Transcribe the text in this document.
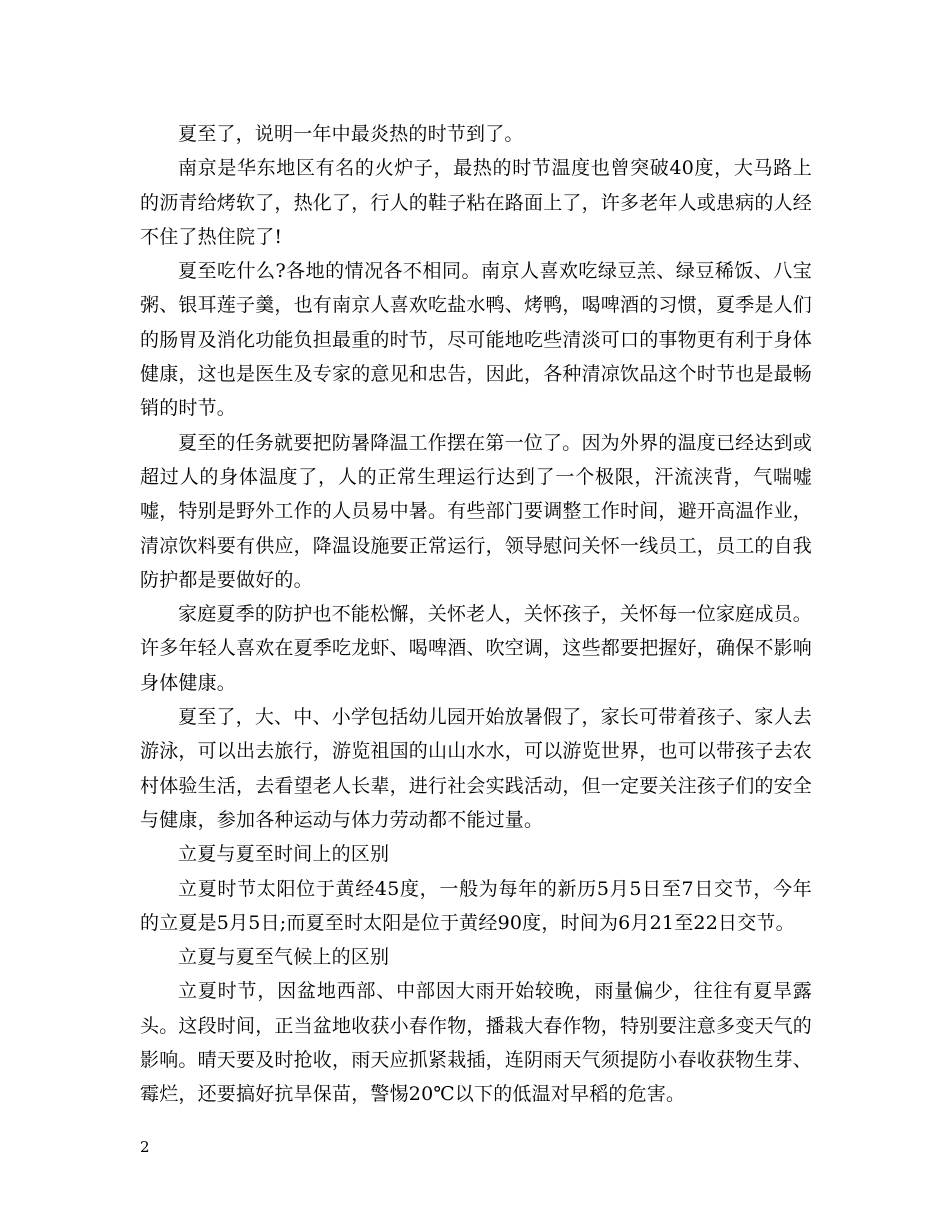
夏至了，说明一年中最炎热的时节到了。

南京是华东地区有名的火炉子，最热的时节温度也曾突破40度，大马路上的沥青给烤软了，热化了，行人的鞋子粘在路面上了，许多老年人或患病的人经不住了热住院了!

夏至吃什么?各地的情况各不相同。南京人喜欢吃绿豆羔、绿豆稀饭、八宝粥、银耳莲子羹，也有南京人喜欢吃盐水鸭、烤鸭，喝啤酒的习惯，夏季是人们的肠胃及消化功能负担最重的时节，尽可能地吃些清淡可口的事物更有利于身体健康，这也是医生及专家的意见和忠告，因此，各种清凉饮品这个时节也是最畅销的时节。

夏至的任务就要把防暑降温工作摆在第一位了。因为外界的温度已经达到或超过人的身体温度了，人的正常生理运行达到了一个极限，汗流浃背，气喘嘘嘘，特别是野外工作的人员易中暑。有些部门要调整工作时间，避开高温作业，清凉饮料要有供应，降温设施要正常运行，领导慰问关怀一线员工，员工的自我防护都是要做好的。

家庭夏季的防护也不能松懈，关怀老人，关怀孩子，关怀每一位家庭成员。许多年轻人喜欢在夏季吃龙虾、喝啤酒、吹空调，这些都要把握好，确保不影响身体健康。

夏至了，大、中、小学包括幼儿园开始放暑假了，家长可带着孩子、家人去游泳，可以出去旅行，游览祖国的山山水水，可以游览世界，也可以带孩子去农村体验生活，去看望老人长辈，进行社会实践活动，但一定要关注孩子们的安全与健康，参加各种运动与体力劳动都不能过量。

立夏与夏至时间上的区别

立夏时节太阳位于黄经45度，一般为每年的新历5月5日至7日交节，今年的立夏是5月5日;而夏至时太阳是位于黄经90度，时间为6月21至22日交节。

立夏与夏至气候上的区别

立夏时节，因盆地西部、中部因大雨开始较晚，雨量偏少，往往有夏旱露头。这段时间，正当盆地收获小春作物，播栽大春作物，特别要注意多变天气的影响。晴天要及时抢收，雨天应抓紧栽插，连阴雨天气须提防小春收获物生芽、霉烂，还要搞好抗旱保苗，警惕20℃以下的低温对早稻的危害。

2
